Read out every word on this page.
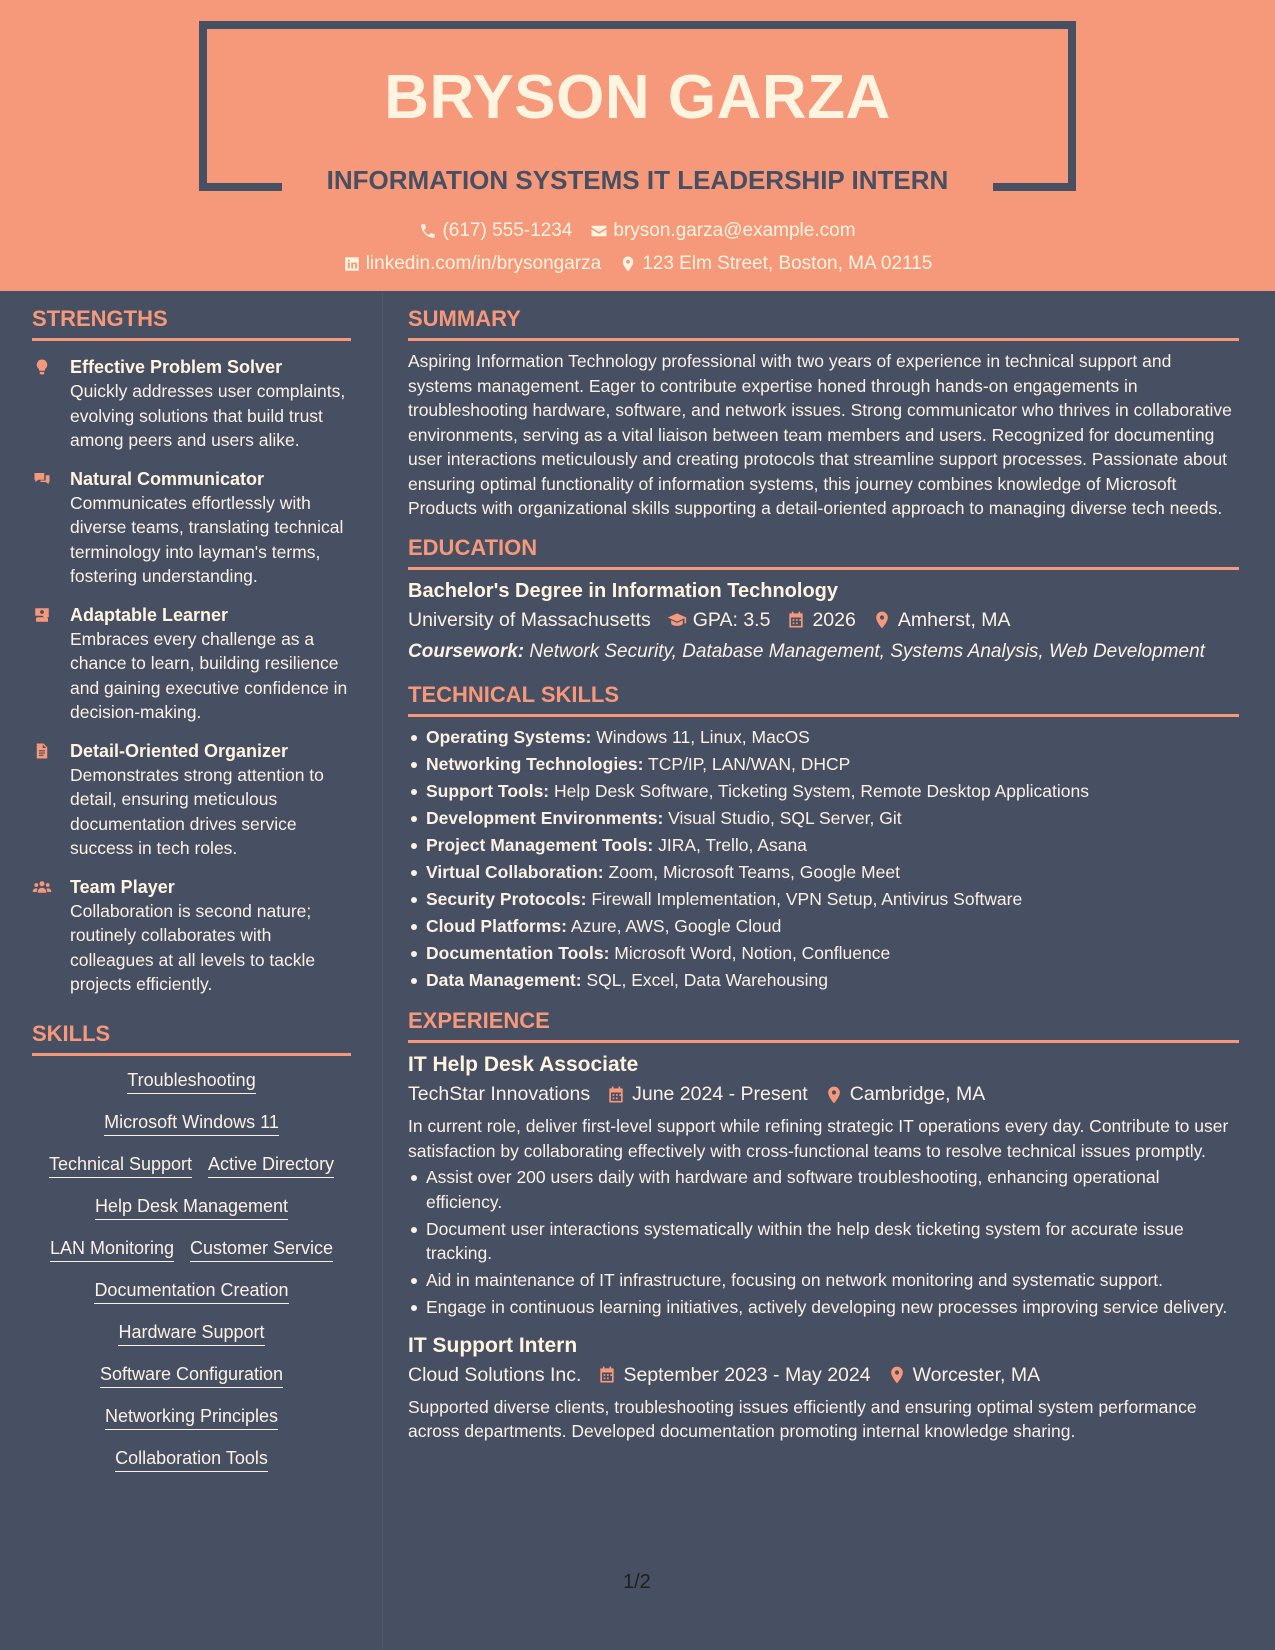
BRYSON GARZA
INFORMATION SYSTEMS IT LEADERSHIP INTERN
(617) 555-1234 bryson.garza@example.com
linkedin.com/in/brysongarza 123 Elm Street, Boston, MA 02115
STRENGTHS
Effective Problem Solver
Quickly addresses user complaints, evolving solutions that build trust among peers and users alike.
Natural Communicator
Communicates effortlessly with diverse teams, translating technical terminology into layman's terms, fostering understanding.
Adaptable Learner
Embraces every challenge as a chance to learn, building resilience and gaining executive confidence in decision-making.
Detail-Oriented Organizer
Demonstrates strong attention to detail, ensuring meticulous documentation drives service success in tech roles.
Team Player
Collaboration is second nature; routinely collaborates with colleagues at all levels to tackle projects efficiently.
SKILLS
Troubleshooting
Microsoft Windows 11
Technical Support Active Directory
Help Desk Management
LAN Monitoring Customer Service
Documentation Creation
Hardware Support
Software Configuration
Networking Principles
Collaboration Tools
SUMMARY
Aspiring Information Technology professional with two years of experience in technical support and systems management. Eager to contribute expertise honed through hands-on engagements in troubleshooting hardware, software, and network issues. Strong communicator who thrives in collaborative environments, serving as a vital liaison between team members and users. Recognized for documenting user interactions meticulously and creating protocols that streamline support processes. Passionate about ensuring optimal functionality of information systems, this journey combines knowledge of Microsoft Products with organizational skills supporting a detail-oriented approach to managing diverse tech needs.
EDUCATION
Bachelor's Degree in Information Technology
University of Massachusetts GPA: 3.5 2026 Amherst, MA
Coursework: Network Security, Database Management, Systems Analysis, Web Development
TECHNICAL SKILLS
Operating Systems: Windows 11, Linux, MacOS
Networking Technologies: TCP/IP, LAN/WAN, DHCP
Support Tools: Help Desk Software, Ticketing System, Remote Desktop Applications
Development Environments: Visual Studio, SQL Server, Git
Project Management Tools: JIRA, Trello, Asana
Virtual Collaboration: Zoom, Microsoft Teams, Google Meet
Security Protocols: Firewall Implementation, VPN Setup, Antivirus Software
Cloud Platforms: Azure, AWS, Google Cloud
Documentation Tools: Microsoft Word, Notion, Confluence
Data Management: SQL, Excel, Data Warehousing
EXPERIENCE
IT Help Desk Associate
TechStar Innovations June 2024 - Present Cambridge, MA
In current role, deliver first-level support while refining strategic IT operations every day. Contribute to user satisfaction by collaborating effectively with cross-functional teams to resolve technical issues promptly.
Assist over 200 users daily with hardware and software troubleshooting, enhancing operational efficiency.
Document user interactions systematically within the help desk ticketing system for accurate issue tracking.
Aid in maintenance of IT infrastructure, focusing on network monitoring and systematic support.
Engage in continuous learning initiatives, actively developing new processes improving service delivery.
IT Support Intern
Cloud Solutions Inc. September 2023 - May 2024 Worcester, MA
Supported diverse clients, troubleshooting issues efficiently and ensuring optimal system performance across departments. Developed documentation promoting internal knowledge sharing.
1/2
